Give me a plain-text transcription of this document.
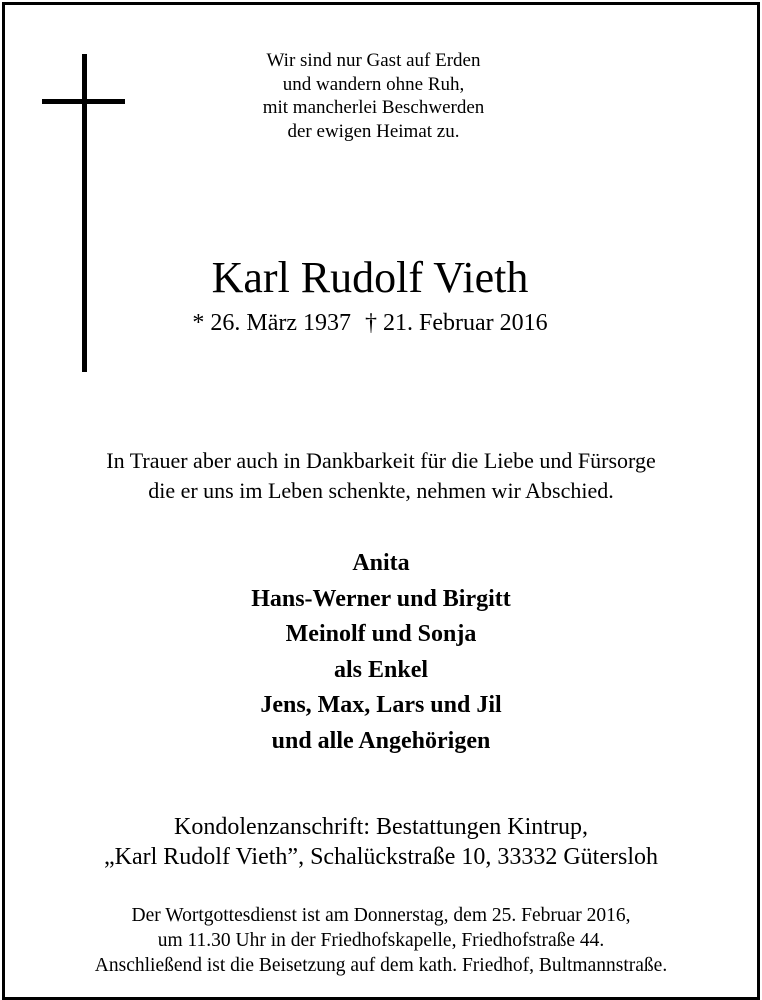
Wir sind nur Gast auf Erden
und wandern ohne Ruh,
mit mancherlei Beschwerden
der ewigen Heimat zu.
Karl Rudolf Vieth
* 26. März 1937 † 21. Februar 2016
In Trauer aber auch in Dankbarkeit für die Liebe und Fürsorge
die er uns im Leben schenkte, nehmen wir Abschied.
Anita
Hans-Werner und Birgitt
Meinolf und Sonja
als Enkel
Jens, Max, Lars und Jil
und alle Angehörigen
Kondolenzanschrift: Bestattungen Kintrup,
„Karl Rudolf Vieth”, Schalückstraße 10, 33332 Gütersloh
Der Wortgottesdienst ist am Donnerstag, dem 25. Februar 2016,
um 11.30 Uhr in der Friedhofskapelle, Friedhofstraße 44.
Anschließend ist die Beisetzung auf dem kath. Friedhof, Bultmannstraße.
